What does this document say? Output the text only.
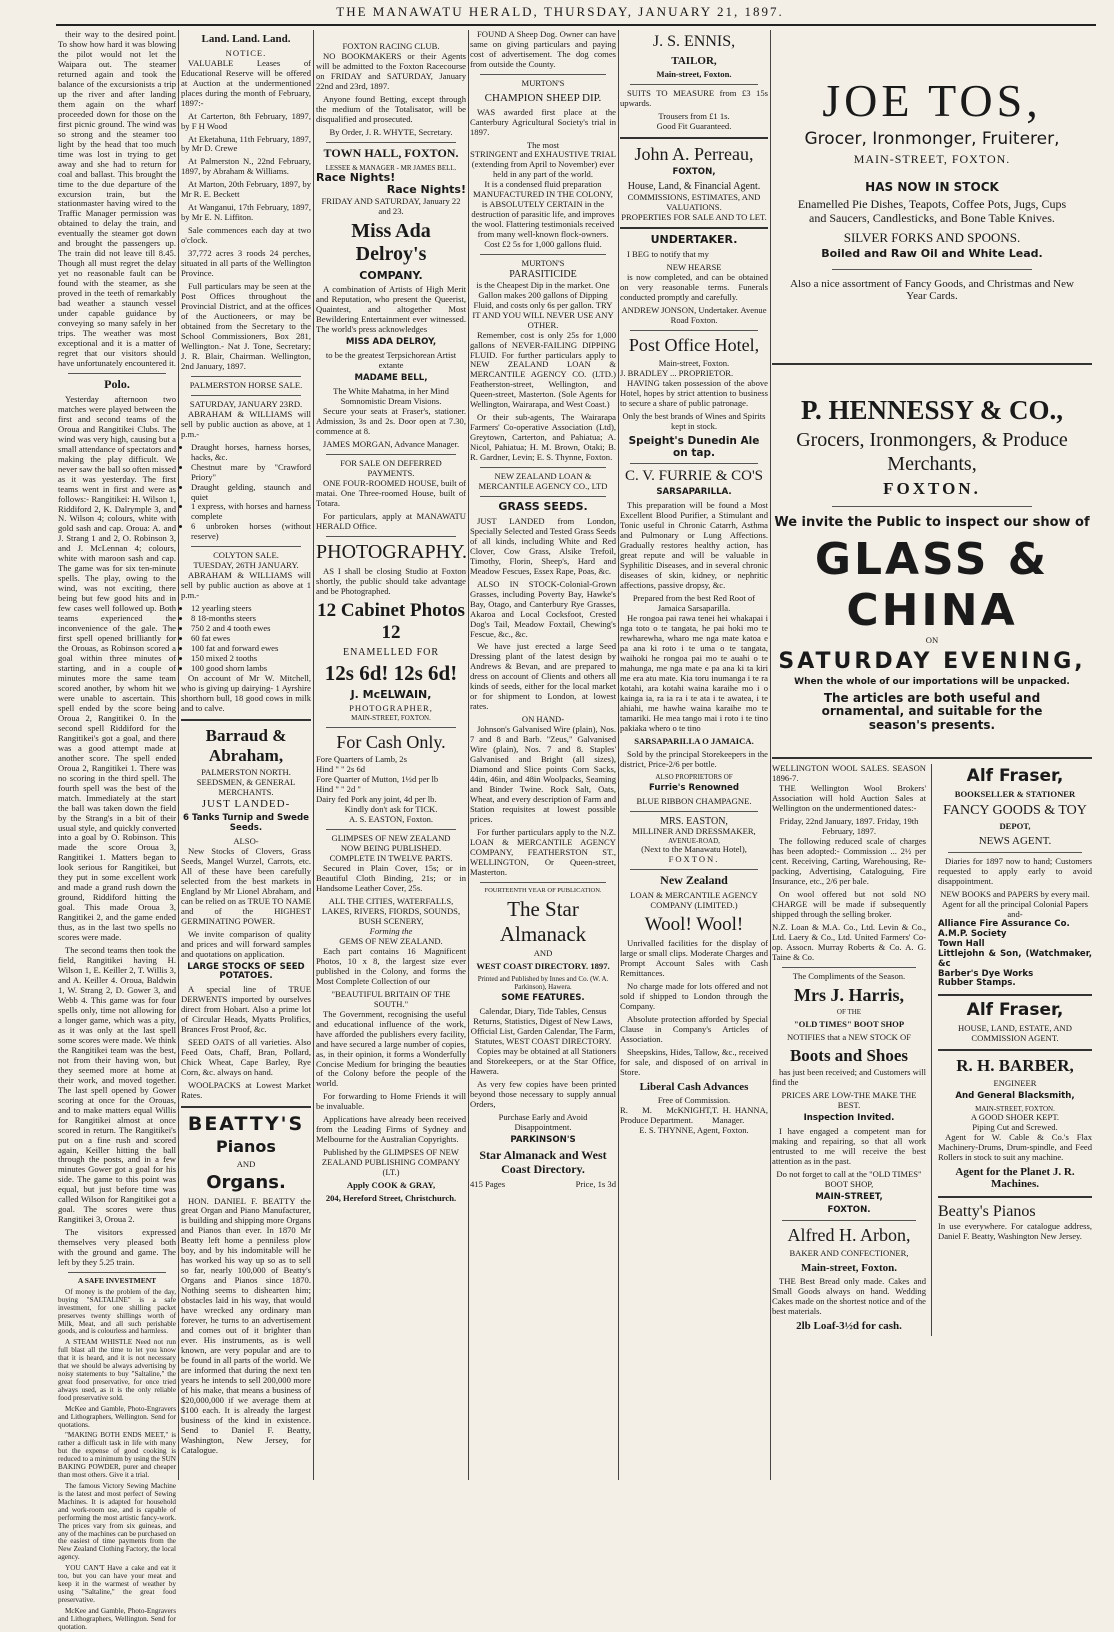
THE MANAWATU HERALD, THURSDAY, JANUARY 21, 1897.

their way to the desired point. To show how hard it was blowing the pilot would not let the Waipara out. The steamer returned again and took the balance of the excursionists a trip up the river and after landing them again on the wharf proceeded down for those on the first picnic ground. The wind was so strong and the steamer too light by the head that too much time was lost in trying to get away and she had to return for coal and ballast. This brought the time to the due departure of the excursion train, but the stationmaster having wired to the Traffic Manager permission was obtained to delay the train, and eventually the steamer got down and brought the passengers up. The train did not leave till 8.45. Though all must regret the delay yet no reasonable fault can be found with the steamer, as she proved in the teeth of remarkably bad weather a staunch vessel under capable guidance by conveying so many safely in her trips. The weather was most exceptional and it is a matter of regret that our visitors should have unfortunately encountered it.

Polo.

Yesterday afternoon two matches were played between the first and second teams of the Oroua and Rangitikei Clubs. The wind was very high, causing but a small attendance of spectators and making the play difficult. We never saw the ball so often missed as it was yesterday. The first teams went in first and were as follows:- Rangitikei: H. Wilson 1, Riddiford 2, K. Dalrymple 3, and N. Wilson 4; colours, white with gold sash and cap. Oroua: A. and J. Strang 1 and 2, O. Robinson 3, and J. McLennan 4; colours, white with maroon sash and cap. The game was for six ten-minute spells. The play, owing to the wind, was not exciting, there being but few good hits and in few cases well followed up. Both teams experienced the inconvenience of the gale. The first spell opened brilliantly for the Orouas, as Robinson scored a goal within three minutes of starting, and in a couple of minutes more the same team scored another, by whom hit we were unable to ascertain. This spell ended by the score being Oroua 2, Rangitikei 0. In the second spell Riddiford for the Rangitikei's got a goal, and there was a good attempt made at another score. The spell ended Oroua 2, Rangitikei 1. There was no scoring in the third spell. The fourth spell was the best of the match. Immediately at the start the ball was taken down the field by the Strang's in a bit of their usual style, and quickly converted into a goal by O. Robinson. This made the score Oroua 3, Rangitikei 1. Matters began to look serious for Rangitikei, but they put in some excellent work and made a grand rush down the ground, Riddiford hitting the goal. This made Oroua 3, Rangitikei 2, and the game ended thus, as in the last two spells no scores were made.

The second teams then took the field, Rangitikei having H. Wilson 1, E. Keiller 2, T. Willis 3, and A. Keiller 4. Oroua, Baldwin 1, W. Strang 2, D. Gower 3, and Webb 4. This game was for four spells only, time not allowing for a longer game, which was a pity, as it was only at the last spell some scores were made. We think the Rangitikei team was the best, not from their having won, but they seemed more at home at their work, and moved together. The last spell opened by Gower scoring at once for the Orouas, and to make matters equal Willis for Rangitikei almost at once scored in return. The Rangitikei's put on a fine rush and scored again, Keiller hitting the ball through the posts, and in a few minutes Gower got a goal for his side. The game to this point was equal, but just before time was called Wilson for Rangitikei got a goal. The scores were thus Rangitikei 3, Oroua 2.

The visitors expressed themselves very pleased both with the ground and game. The left by they 5.25 train.

A SAFE INVESTMENT

Of money is the problem of the day, buying "SALTALINE" is a safe investment, for one shilling packet preserves twenty shillings worth of Milk, Meat, and all such perishable goods, and is colourless and harmless.

A STEAM WHISTLE Need not run full blast all the time to let you know that it is heard, and it is not necessary that we should be always advertising by noisy statements to buy "Saltaline," the great food preservative, for once tried always used, as it is the only reliable food preservative sold.

McKee and Gamble, Photo-Engravers and Lithographers, Wellington. Send for quotations.

"MAKING BOTH ENDS MEET," is rather a difficult task in life with many but the expense of good cooking is reduced to a minimum by using the SUN BAKING POWDER, purer and cheaper than most others. Give it a trial.

The famous Victory Sewing Machine is the latest and most perfect of Sewing Machines. It is adapted for household and work-room use, and is capable of performing the most artistic fancy-work. The prices vary from six guineas, and any of the machines can be purchased on the easiest of time payments from the New Zealand Clothing Factory, the local agency.

YOU CAN'T Have a cake and eat it too, but you can have your meat and keep it in the warmest of weather by using "Saltaline," the great food preservative.

McKee and Gamble, Photo-Engravers and Lithographers, Wellington. Send for quotation.

Land. Land. Land.
NOTICE.

VALUABLE Leases of Educational Reserve will be offered at Auction at the undermentioned places during the month of February, 1897:-

At Carterton, 8th February, 1897, by F H Wood

At Eketahuna, 11th February, 1897, by Mr D. Crewe

At Palmerston N., 22nd February, 1897, by Abraham & Williams.

At Marton, 20th February, 1897, by Mr R. E. Beckett

At Wanganui, 17th February, 1897, by Mr E. N. Liffiton.

Sale commences each day at two o'clock.

37,772 acres 3 roods 24 perches, situated in all parts of the Wellington Province.

Full particulars may be seen at the Post Offices throughout the Provincial District, and at the offices of the Auctioneers, or may be obtained from the Secretary to the School Commissioners, Box 281, Wellington.- Nat J. Tone, Secretary; J. R. Blair, Chairman. Wellington, 2nd January, 1897.

PALMERSTON HORSE SALE.
SATURDAY, JANUARY 23RD.

ABRAHAM & WILLIAMS will sell by public auction as above, at 1 p.m.-

• Draught horses, harness horses, hacks, &c.
• Chestnut mare by "Crawford Priory"
• Draught gelding, staunch and quiet
• 1 express, with horses and harness complete
• 6 unbroken horses (without reserve)
COLYTON SALE.
TUESDAY, 26TH JANUARY.

ABRAHAM & WILLIAMS will sell by public auction as above at 1 p.m.-

• 12 yearling steers
• 8 18-months steers
• 750 2 and 4 tooth ewes
• 60 fat ewes
• 100 fat and forward ewes
• 150 mixed 2 tooths
• 100 good shorn lambs

On account of Mr W. Mitchell, who is giving up dairying- 1 Ayrshire shorthorn bull, 18 good cows in milk and to calve.

Barraud & Abraham,
PALMERSTON NORTH.
SEEDSMEN, & GENERAL MERCHANTS.
JUST LANDED-
6 Tanks Turnip and Swede Seeds.
ALSO-

New Stocks of Clovers, Grass Seeds, Mangel Wurzel, Carrots, etc. All of these have been carefully selected from the best markets in England by Mr Lionel Abraham, and can be relied on as TRUE TO NAME and of the HIGHEST GERMINATING POWER.

We invite comparison of quality and prices and will forward samples and quotations on application.

LARGE STOCKS OF SEED POTATOES.

A special line of TRUE DERWENTS imported by ourselves direct from Hobart. Also a prime lot of Circular Heads, Myatts Prolifics, Brances Frost Proof, &c.

SEED OATS of all varieties. Also Feed Oats, Chaff, Bran, Pollard, Chick Wheat, Cape Barley, Rye Corn, &c. always on hand.

WOOLPACKS at Lowest Market Rates.

BEATTY'S
Pianos
AND
Organs.

HON. DANIEL F. BEATTY the great Organ and Piano Manufacturer, is building and shipping more Organs and Pianos than ever. In 1870 Mr Beatty left home a penniless plow boy, and by his indomitable will he has worked his way up so as to sell so far, nearly 100,000 of Beatty's Organs and Pianos since 1870. Nothing seems to dishearten him; obstacles laid in his way, that would have wrecked any ordinary man forever, he turns to an advertisement and comes out of it brighter than ever. His instruments, as is well known, are very popular and are to be found in all parts of the world. We are informed that during the next ten years he intends to sell 200,000 more of his make, that means a business of $20,000,000 if we average them at $100 each. It is already the largest business of the kind in existence. Send to Daniel F. Beatty, Washington, New Jersey, for Catalogue.

FOXTON RACING CLUB.

NO BOOKMAKERS or their Agents will be admitted to the Foxton Racecourse on FRIDAY and SATURDAY, January 22nd and 23rd, 1897.

Anyone found Betting, except through the medium of the Totalisator, will be disqualified and prosecuted.

By Order, J. R. WHYTE, Secretary.
TOWN HALL, FOXTON.
LESSEE & MANAGER - MR JAMES BELL.
Race Nights!
Race Nights!
FRIDAY AND SATURDAY, January 22 and 23.
Miss Ada Delroy's
COMPANY.

A combination of Artists of High Merit and Reputation, who present the Queerist, Quaintest, and altogether Most Bewildering Entertainment ever witnessed. The world's press acknowledges

MISS ADA DELROY,
to be the greatest Terpsichorean Artist extante
MADAME BELL,
The White Mahatma, in her Mind Somnomistic Dream Visions.

Secure your seats at Fraser's, stationer. Admission, 3s and 2s. Door open at 7.30, commence at 8.

JAMES MORGAN, Advance Manager.
FOR SALE ON DEFERRED PAYMENTS.

ONE FOUR-ROOMED HOUSE, built of matai. One Three-roomed House, built of Totara.

For particulars, apply at MANAWATU HERALD Office.

PHOTOGRAPHY.

AS I shall be closing Studio at Foxton shortly, the public should take advantage and be Photographed.

12 Cabinet Photos 12
ENAMELLED FOR
12s 6d! 12s 6d!
J. McELWAIN,
PHOTOGRAPHER,
MAIN-STREET, FOXTON.
For Cash Only.
Fore Quarters of Lamb, 2s
Hind " " 2s 6d
Fore Quarter of Mutton, 1½d per lb
Hind " " 2d "
Dairy fed Pork any joint, 4d per lb.
Kindly don't ask for TICK.
A. S. EASTON, Foxton.
GLIMPSES OF NEW ZEALAND
NOW BEING PUBLISHED.
COMPLETE IN TWELVE PARTS.

Secured in Plain Cover, 15s; or in Beautiful Cloth Binding, 21s; or in Handsome Leather Cover, 25s.

ALL THE CITIES, WATERFALLS, LAKES, RIVERS, FIORDS, SOUNDS, BUSH SCENERY,
Forming the
GEMS OF NEW ZEALAND.

Each part contains 16 Magnificent Photos, 10 x 8, the largest size ever published in the Colony, and forms the Most Complete Collection of our

"BEAUTIFUL BRITAIN OF THE SOUTH."

The Government, recognising the useful and educational influence of the work, have afforded the publishers every facility, and have secured a large number of copies, as, in their opinion, it forms a Wonderfully Concise Medium for bringing the beauties of the Colony before the people of the world.

For forwarding to Home Friends it will be invaluable.

Applications have already been received from the Leading Firms of Sydney and Melbourne for the Australian Copyrights.

Published by the GLIMPSES OF NEW ZEALAND PUBLISHING COMPANY (LT.)
Apply COOK & GRAY,
204, Hereford Street, Christchurch.

FOUND A Sheep Dog. Owner can have same on giving particulars and paying cost of advertisement. The dog comes from outside the County.

MURTON'S
CHAMPION SHEEP DIP.

WAS awarded first place at the Canterbury Agricultural Society's trial in 1897.

The most
STRINGENT and EXHAUSTIVE TRIAL (extending from April to November) ever held in any part of the world.
It is a condensed fluid preparation MANUFACTURED IN THE COLONY, is ABSOLUTELY CERTAIN in the destruction of parasitic life, and improves the wool. Flattering testimonials received from many well-known flock-owners.
Cost £2 5s for 1,000 gallons fluid.
MURTON'S
PARASITICIDE
is the Cheapest Dip in the market. One Gallon makes 200 gallons of Dipping Fluid, and costs only 6s per gallon. TRY IT AND YOU WILL NEVER USE ANY OTHER.

Remember, cost is only 25s for 1,000 gallons of NEVER-FAILING DIPPING FLUID. For further particulars apply to NEW ZEALAND LOAN & MERCANTILE AGENCY CO. (LTD.) Featherston-street, Wellington, and Queen-street, Masterton. (Sole Agents for Wellington, Wairarapa, and West Coast.)

Or their sub-agents, The Wairarapa Farmers' Co-operative Association (Ltd), Greytown, Carterton, and Pahiatua; A. Nicol, Pahiatua; H. M. Brown, Otaki; B. R. Gardner, Levin; E. S. Thynne, Foxton.

NEW ZEALAND LOAN & MERCANTILE AGENCY CO., LTD
GRASS SEEDS.

JUST LANDED from London, Specially Selected and Tested Grass Seeds of all kinds, including White and Red Clover, Cow Grass, Alsike Trefoil, Timothy, Florin, Sheep's, Hard and Meadow Fescues, Essex Rape, Poas, &c.

ALSO IN STOCK-Colonial-Grown Grasses, including Poverty Bay, Hawke's Bay, Otago, and Canterbury Rye Grasses, Akaroa and Local Cocksfoot, Crested Dog's Tail, Meadow Foxtail, Chewing's Fescue, &c., &c.

We have just erected a large Seed Dressing plant of the latest design by Andrews & Bevan, and are prepared to dress on account of Clients and others all kinds of seeds, either for the local market or for shipment to London, at lowest rates.

ON HAND-

Johnson's Galvanised Wire (plain), Nos. 7 and 8 and Barb. "Zeus," Galvanised Wire (plain), Nos. 7 and 8. Staples' Galvanised and Bright (all sizes), Diamond and Slice points Corn Sacks, 44in, 46in, and 48in Woolpacks, Seaming and Binder Twine. Rock Salt, Oats, Wheat, and every description of Farm and Station requisites at lowest possible prices.

For further particulars apply to the N.Z. LOAN & MERCANTILE AGENCY COMPANY, FEATHERSTON ST., WELLINGTON, Or Queen-street, Masterton.

FOURTEENTH YEAR OF PUBLICATION.
The Star Almanack
AND
WEST COAST DIRECTORY. 1897.
Printed and Published by Innes and Co. (W. A. Parkinson), Hawera.
SOME FEATURES.
Calendar, Diary, Tide Tables, Census Returns, Statistics, Digest of New Laws, Official List, Garden Calendar, The Farm, Statutes, WEST COAST DIRECTORY.

Copies may be obtained at all Stationers and Storekeepers, or at the Star Office, Hawera.

As very few copies have been printed beyond those necessary to supply annual Orders,

Purchase Early and Avoid Disappointment.
PARKINSON'S
Star Almanack and West Coast Directory.
415 Pages	Price, 1s 3d
J. S. ENNIS,
TAILOR,
Main-street, Foxton.

SUITS TO MEASURE from £3 15s upwards.

Trousers from £1 1s.
Good Fit Guaranteed.
John A. Perreau,
FOXTON,
House, Land, & Financial Agent.
COMMISSIONS, ESTIMATES, AND VALUATIONS.
PROPERTIES FOR SALE AND TO LET.
UNDERTAKER.

I BEG to notify that my

NEW HEARSE

is now completed, and can be obtained on very reasonable terms. Funerals conducted promptly and carefully.

ANDREW JONSON, Undertaker. Avenue Road Foxton.
Post Office Hotel,
Main-street, Foxton.
J. BRADLEY ... PROPRIETOR.

HAVING taken possession of the above Hotel, hopes by strict attention to business to secure a share of public patronage.

Only the best brands of Wines and Spirits kept in stock.
Speight's Dunedin Ale on tap.
C. V. FURRIE & CO'S
SARSAPARILLA.

This preparation will be found a Most Excellent Blood Purifier, a Stimulant and Tonic useful in Chronic Catarrh, Asthma and Pulmonary or Lung Affections. Gradually restores healthy action, has great repute and will be valuable in Syphilitic Diseases, and in several chronic diseases of skin, kidney, or nephritic affections, passive dropsy, &c.

Prepared from the best Red Root of Jamaica Sarsaparilla.

He rongoa pai rawa tenei hei whakapai i nga toto o te tangata, he pai hoki mo te rewharewha, wharo me nga mate katoa e pa ana ki roto i te uma o te tangata, waihoki he rongoa pai mo te auahi o te mahunga, me nga mate e pa ana ki ta kiri me era atu mate. Kia toru inumanga i te ra kotahi, ara kotahi waina karaihe mo i o kainga ia, ra ia ra i te ata i te awatea, i te ahiahi, me hawhe waina karaihe mo te tamariki. He mea tango mai i roto i te tino pakiaka whero o te tino

SARSAPARILLA O JAMAICA.

Sold by the principal Storekeepers in the district, Price-2/6 per bottle.

ALSO PROPRIETORS OF
Furrie's Renowned
BLUE RIBBON CHAMPAGNE.
MRS. EASTON,
MILLINER AND DRESSMAKER,
AVENUE-ROAD,
(Next to the Manawatu Hotel),
FOXTON.
New Zealand
LOAN & MERCANTILE AGENCY COMPANY (LIMITED.)
Wool! Wool!

Unrivalled facilities for the display of large or small clips. Moderate Charges and Prompt Account Sales with Cash Remittances.

No charge made for lots offered and not sold if shipped to London through the Company.

Absolute protection afforded by Special Clause in Company's Articles of Association.

Sheepskins, Hides, Tallow, &c., received for sale, and disposed of on arrival in Store.

Liberal Cash Advances
Free of Commission.
R. M. McKNIGHT, Produce Department.
T. H. HANNA, Manager.
E. S. THYNNE, Agent, Foxton.
JOE TOS,
Grocer, Ironmonger, Fruiterer,
MAIN-STREET, FOXTON.
HAS NOW IN STOCK
Enamelled Pie Dishes, Teapots, Coffee Pots, Jugs, Cups and Saucers, Candlesticks, and Bone Table Knives.
SILVER FORKS AND SPOONS.
Boiled and Raw Oil and White Lead.
Also a nice assortment of Fancy Goods, and Christmas and New Year Cards.
P. HENNESSY & CO.,
Grocers, Ironmongers, & Produce Merchants,
FOXTON.
We invite the Public to inspect our show of
GLASS & CHINA
ON
SATURDAY EVENING,
When the whole of our importations will be unpacked.
The articles are both useful and ornamental, and suitable for the season's presents.
WELLINGTON WOOL SALES. SEASON 1896-7.

THE Wellington Wool Brokers' Association will hold Auction Sales at Wellington on the undermentioned dates:-

Friday, 22nd January, 1897. Friday, 19th February, 1897.

The following reduced scale of charges has been adopted:- Commission ... 2½ per cent. Receiving, Carting, Warehousing, Re-packing, Advertising, Cataloguing, Fire Insurance, etc., 2/6 per bale.

On wool offered but not sold NO CHARGE will be made if subsequently shipped through the selling broker.

N.Z. Loan & M.A. Co., Ltd. Levin & Co., Ltd. Laery & Co., Ltd. United Farmers' Co-op. Assocn. Murray Roberts & Co. A. G. Taine & Co.
The Compliments of the Season.
Mrs J. Harris,
OF THE
"OLD TIMES" BOOT SHOP
NOTIFIES that a NEW STOCK OF
Boots and Shoes

has just been received; and Customers will find the

PRICES ARE LOW-THE MAKE THE BEST.
Inspection Invited.

I have engaged a competent man for making and repairing, so that all work entrusted to me will receive the best attention as in the past.

Do not forget to call at the "OLD TIMES" BOOT SHOP,
MAIN-STREET,
FOXTON.
Alfred H. Arbon,
BAKER AND CONFECTIONER,
Main-street, Foxton.

THE Best Bread only made. Cakes and Small Goods always on hand. Wedding Cakes made on the shortest notice and of the best materials.

2lb Loaf-3½d for cash.
Alf Fraser,
BOOKSELLER & STATIONER
FANCY GOODS & TOY
DEPOT,
NEWS AGENT.

Diaries for 1897 now to hand; Customers requested to apply early to avoid disappointment.

NEW BOOKS and PAPERS by every mail.
Agent for all the principal Colonial Papers and-
Alliance Fire Assurance Co.
A.M.P. Society
Town Hall
Littlejohn & Son, (Watchmaker, &c
Barber's Dye Works
Rubber Stamps.
Alf Fraser,
HOUSE, LAND, ESTATE, AND
COMMISSION AGENT.
R. H. BARBER,
ENGINEER
And General Blacksmith,
MAIN-STREET, FOXTON.
A GOOD SHOER KEPT.
Piping Cut and Screwed.

Agent for W. Cable & Co.'s Flax Machinery-Drums, Drum-spindle, and Feed Rollers in stock to suit any machine.

Agent for the Planet J. R. Machines.
Beatty's Pianos
In use everywhere. For catalogue address, Daniel F. Beatty, Washington New Jersey.
